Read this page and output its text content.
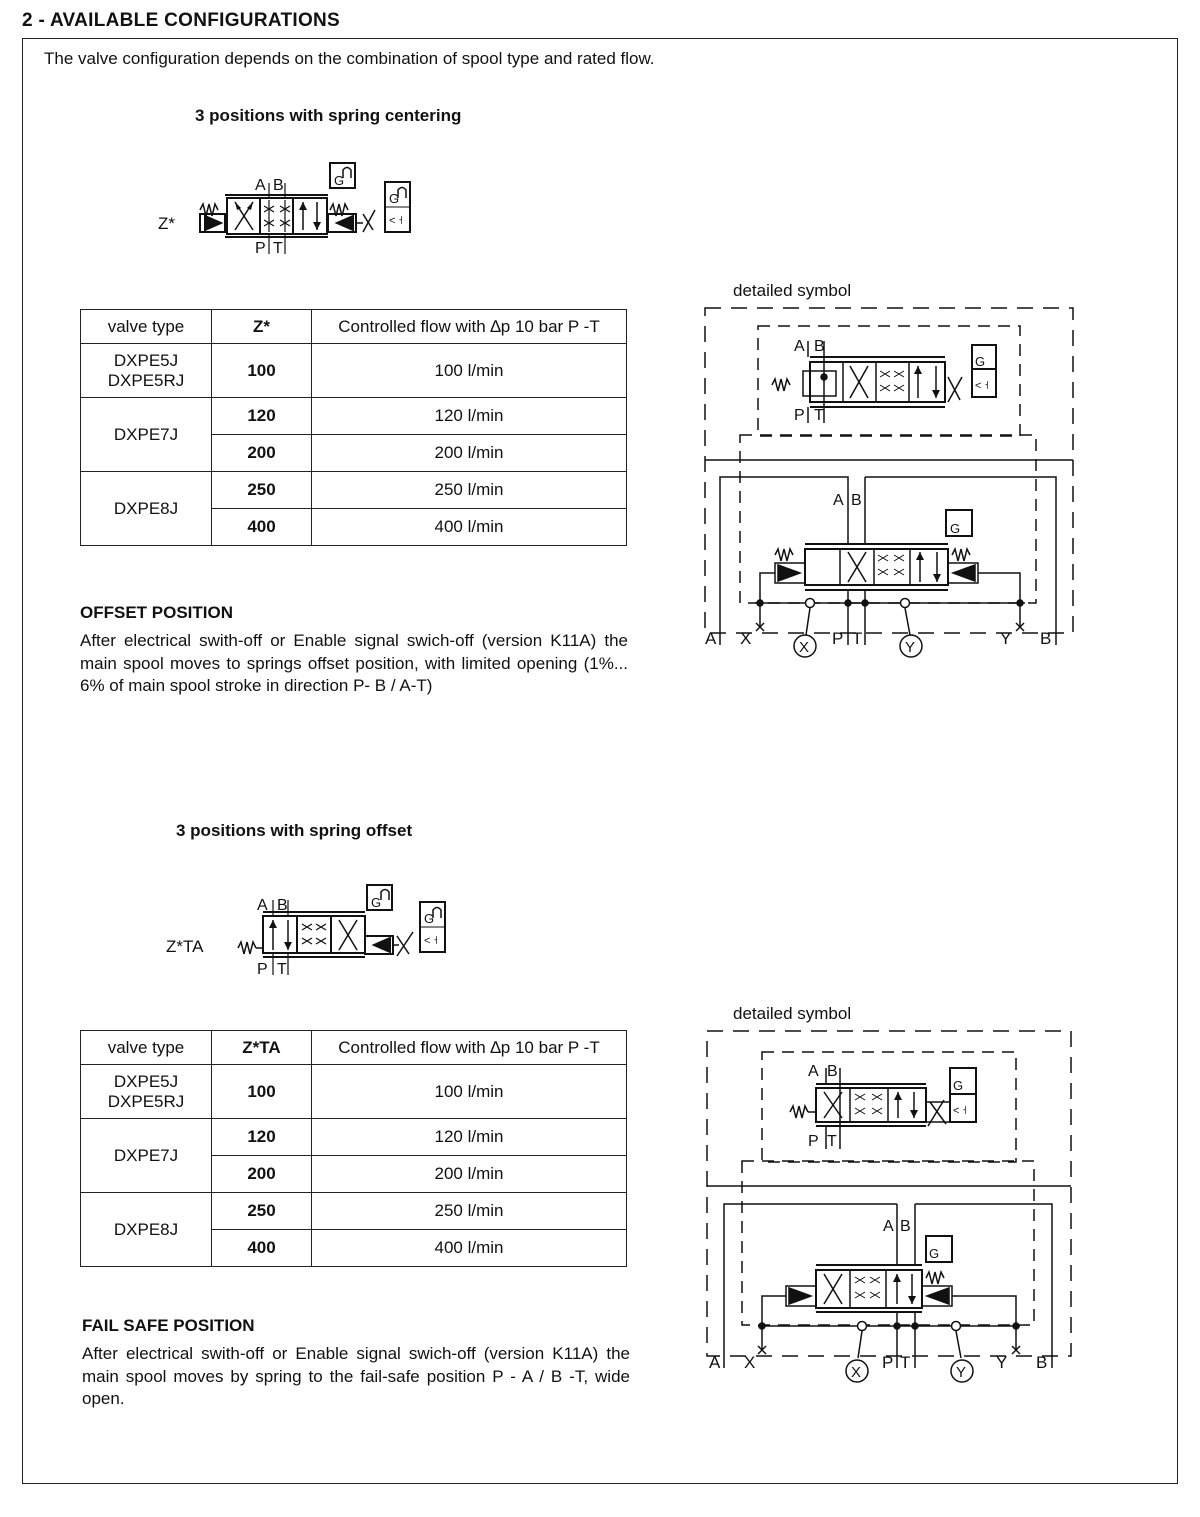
2 - AVAILABLE CONFIGURATIONS
The valve configuration depends on the combination of spool type and rated flow.
3 positions with spring centering
Z*
A B
P T
G
G
< ˧
valve type	Z*	Controlled flow with ∆p 10 bar P -T

DXPE5J
DXPE5RJ	100	100 l/min
DXPE7J	120	120 l/min
	200	200 l/min
DXPE8J	250	250 l/min
	400	400 l/min
OFFSET POSITION
After electrical swith-off or Enable signal swich-off (version K11A) the main spool moves to springs offset position, with limited opening (1%... 6% of main spool stroke in direction P- B / A-T)
detailed symbol
A B
P T
G
< ˧
G
A B
X	Y
A X	P T	Y B
3 positions with spring offset
Z*TA
A B
P T
G
G
< ˧
valve type	Z*TA	Controlled flow with ∆p 10 bar P -T

DXPE5J
DXPE5RJ	100	100 l/min
DXPE7J	120	120 l/min
	200	200 l/min
DXPE8J	250	250 l/min
	400	400 l/min
FAIL SAFE POSITION
After electrical swith-off or Enable signal swich-off (version K11A) the main spool moves by spring to the fail-safe position P - A / B -T, wide open.
detailed symbol
G
< ˧
A B
P T
G
A B
X	Y
A X	P T	Y B
